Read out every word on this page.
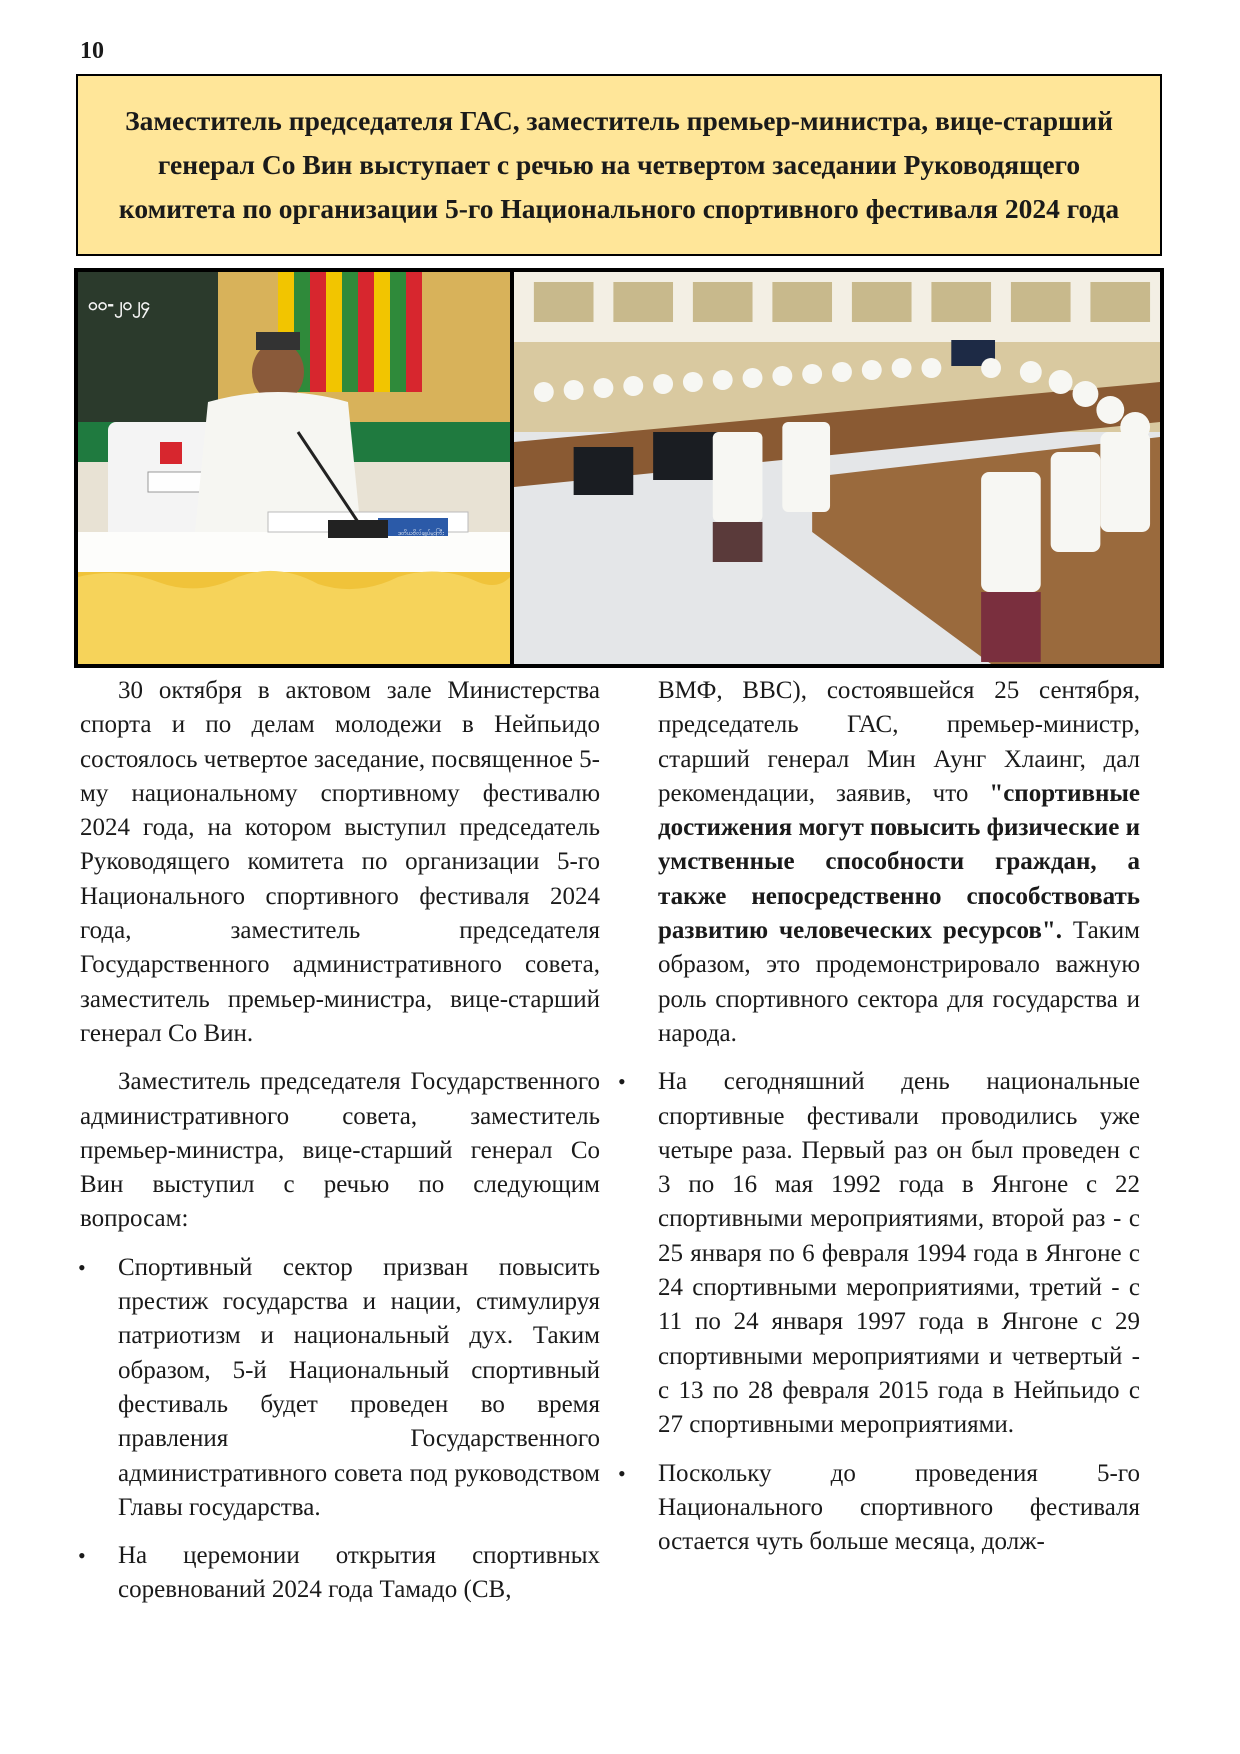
10
Заместитель председателя ГАС, заместитель премьер-министра, вице-старший генерал Со Вин выступает с речью на четвертом заседании Руководящего комитета по организации 5-го Национального спортивного фестиваля 2024 года
၀၀-၂၀၂၄
ဒုတိယဗိုလ်ချုပ်မှူးကြီး

30 октября в актовом зале Министерства спорта и по делам молодежи в Нейпьидо состоялось четвертое заседание, посвященное 5-му национальному спортивному фестивалю 2024 года, на котором выступил председатель Руководящего комитета по организации 5-го Национального спортивного фестиваля 2024 года, заместитель председателя Государственного административного совета, заместитель премьер-министра, вице-старший генерал Со Вин.

Заместитель председателя Государственного административного совета, заместитель премьер-министра, вице-старший генерал Со Вин выступил с речью по следующим вопросам:

• Спортивный сектор призван повысить престиж государства и нации, стимулируя патриотизм и национальный дух. Таким образом, 5-й Национальный спортивный фестиваль будет проведен во время правления Государственного административного совета под руководством Главы государства.

• На церемонии открытия спортивных соревнований 2024 года Тамадо (СВ,

ВМФ, ВВС), состоявшейся 25 сентября, председатель ГАС, премьер-министр, старший генерал Мин Аунг Хлаинг, дал рекомендации, заявив, что "спортивные достижения могут повысить физические и умственные способности граждан, а также непосредственно способствовать развитию человеческих ресурсов". Таким образом, это продемонстрировало важную роль спортивного сектора для государства и народа.

• На сегодняшний день национальные спортивные фестивали проводились уже четыре раза. Первый раз он был проведен с 3 по 16 мая 1992 года в Янгоне с 22 спортивными мероприятиями, второй раз - с 25 января по 6 февраля 1994 года в Янгоне с 24 спортивными мероприятиями, третий - с 11 по 24 января 1997 года в Янгоне с 29 спортивными мероприятиями и четвертый - с 13 по 28 февраля 2015 года в Нейпьидо с 27 спортивными мероприятиями.

• Поскольку до проведения 5-го Национального спортивного фестиваля остается чуть больше месяца, долж-
